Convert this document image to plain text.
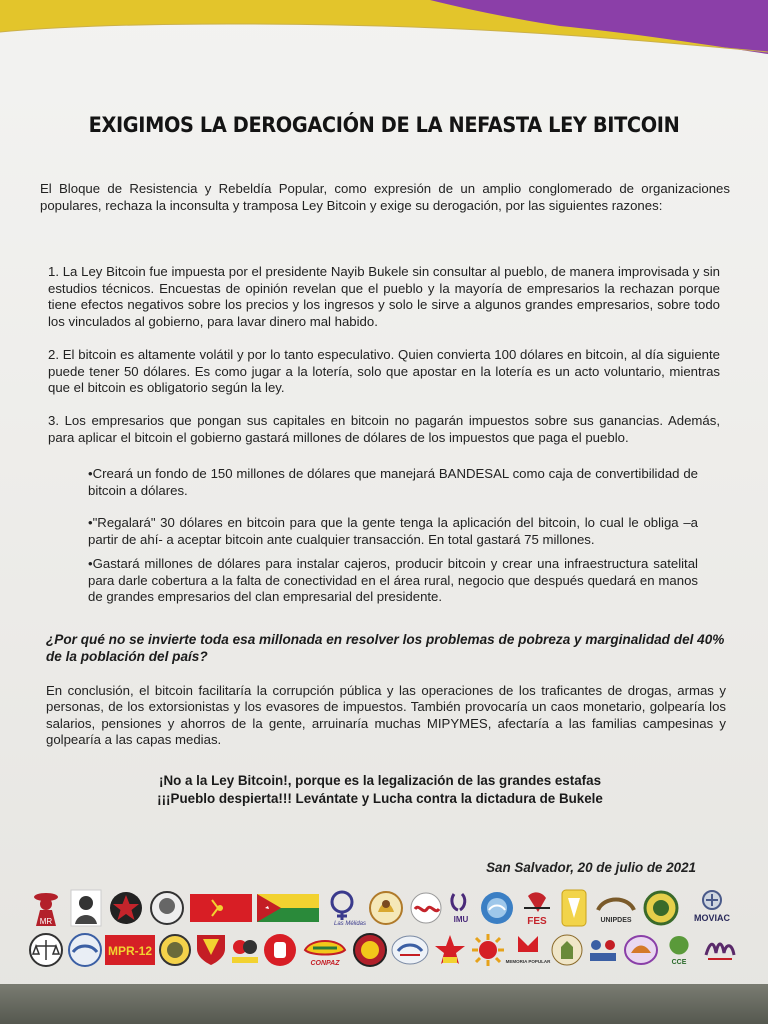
EXIGIMOS LA DEROGACIÓN DE LA NEFASTA LEY BITCOIN

El Bloque de Resistencia y Rebeldía Popular, como expresión de un amplio conglomerado de organizaciones populares, rechaza la inconsulta y tramposa Ley Bitcoin y exige su derogación, por las siguientes razones:

1. La Ley Bitcoin fue impuesta por el presidente Nayib Bukele sin consultar al pueblo, de manera improvisada y sin estudios técnicos. Encuestas de opinión revelan que el pueblo y la mayoría de empresarios la rechazan porque tiene efectos negativos sobre los precios y los ingresos y solo le sirve a algunos grandes empresarios, sobre todo los vinculados al gobierno, para lavar dinero mal habido.

2. El bitcoin es altamente volátil y por lo tanto especulativo. Quien convierta 100 dólares en bitcoin, al día siguiente puede tener 50 dólares. Es como jugar a la lotería, solo que apostar en la lotería es un acto voluntario, mientras que el bitcoin es obligatorio según la ley.

3. Los empresarios que pongan sus capitales en bitcoin no pagarán impuestos sobre sus ganancias. Además, para aplicar el bitcoin el gobierno gastará millones de dólares de los impuestos que paga el pueblo.

•Creará un fondo de 150 millones de dólares que manejará BANDESAL como caja de convertibilidad de bitcoin a dólares.

•"Regalará" 30 dólares en bitcoin para que la gente tenga la aplicación del bitcoin, lo cual le obliga –a partir de ahí- a aceptar bitcoin ante cualquier transacción. En total gastará 75 millones.

•Gastará millones de dólares para instalar cajeros, producir bitcoin y crear una infraestructura satelital para darle cobertura a la falta de conectividad en el área rural, negocio que después quedará en manos de grandes empresarios del clan empresarial del presidente.

¿Por qué no se invierte toda esa millonada en resolver los problemas de pobreza y marginalidad del 40% de la población del país?

En conclusión, el bitcoin facilitaría la corrupción pública y las operaciones de los traficantes de drogas, armas y personas, de los extorsionistas y los evasores de impuestos. También provocaría un caos monetario, golpearía los salarios, pensiones y ahorros de la gente, arruinaría muchas MIPYMES, afectaría a las familias campesinas y golpearía a las capas medias.

¡No a la Ley Bitcoin!, porque es la legalización de las grandes estafas
¡¡¡Pueblo despierta!!! Levántate y Lucha contra la dictadura de Bukele
San Salvador, 20 de julio de 2021
MR	Las Mélidas	IMU	FES	UNIPDES	MOVIAC
MPR-12
CONPAZ	MEMORIA POPULAR	CCE
